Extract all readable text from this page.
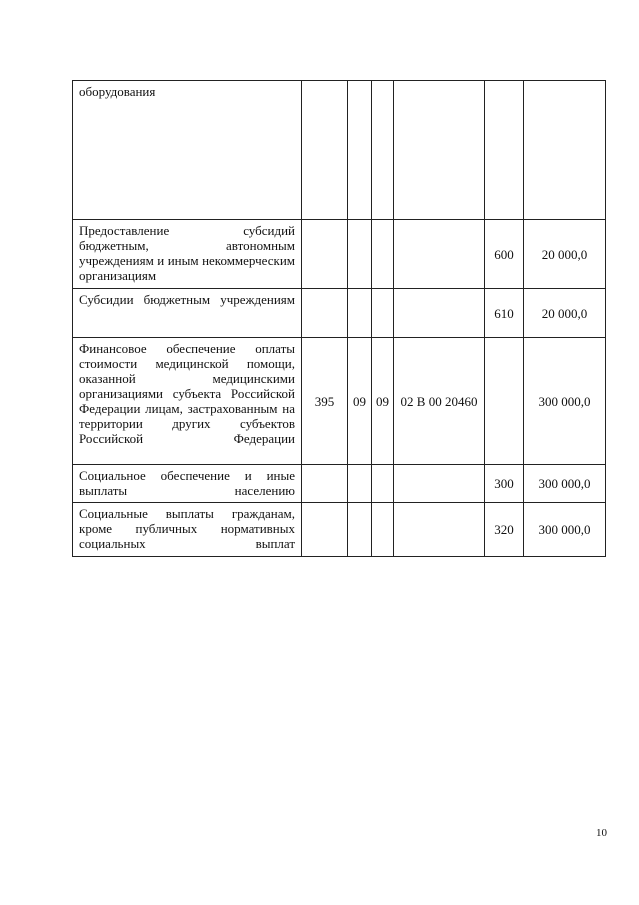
оборудования						
Предоставление субсидий бюджетным, автономным учреждениям и иным некоммерческим организациям					600	20 000,0
Субсидии бюджетным учреждениям					610	20 000,0
Финансовое обеспечение оплаты стоимости медицинской помощи, оказанной медицинскими организациями субъекта Российской Федерации лицам, застрахованным на территории других субъектов Российской Федерации	395	09	09	02 В 00 20460		300 000,0
Социальное обеспечение и иные выплаты населению					300	300 000,0
Социальные выплаты гражданам, кроме публичных нормативных социальных выплат					320	300 000,0
10
